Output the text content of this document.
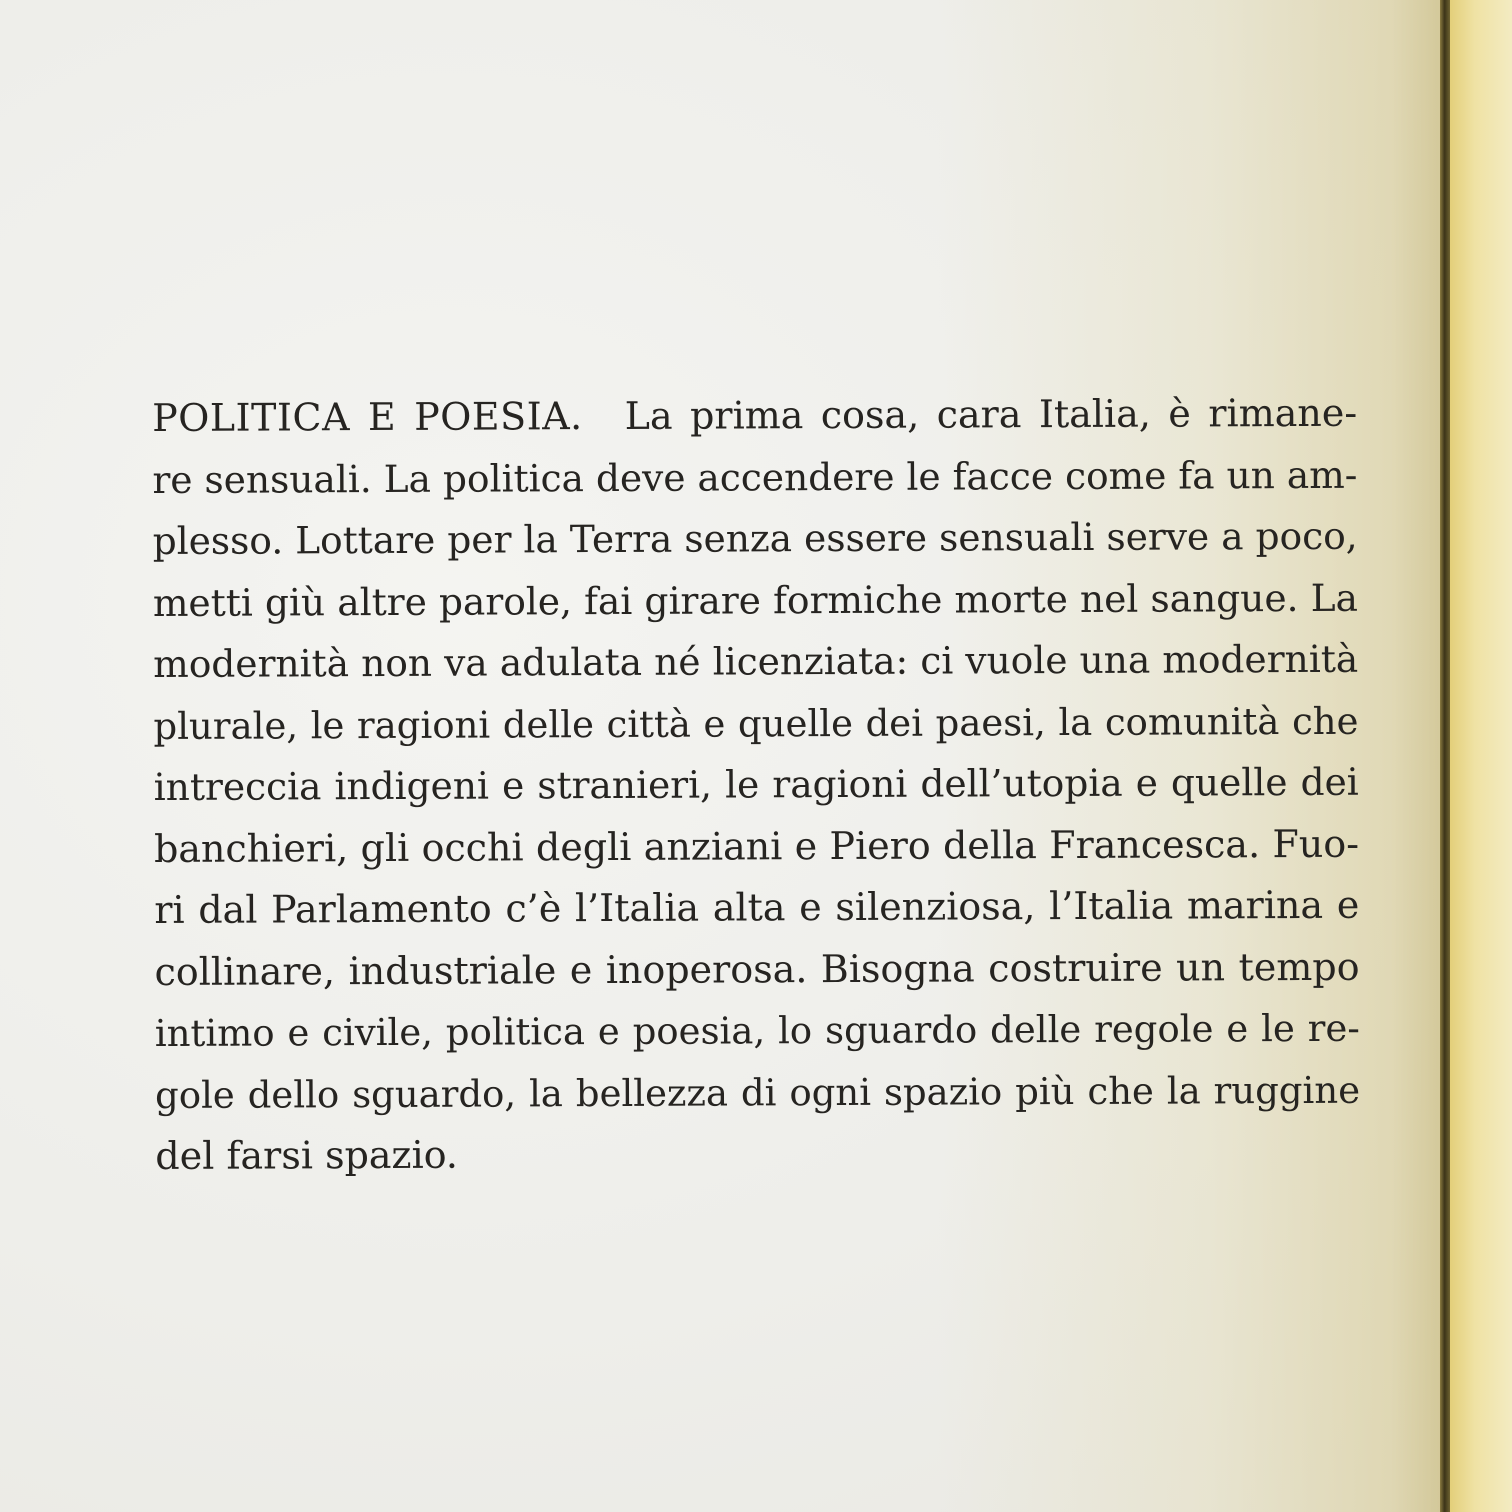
POLITICA E POESIA. La prima cosa, cara Italia, è rimane-
re sensuali. La politica deve accendere le facce come fa un am-
plesso. Lottare per la Terra senza essere sensuali serve a poco,
metti giù altre parole, fai girare formiche morte nel sangue. La
modernità non va adulata né licenziata: ci vuole una modernità
plurale, le ragioni delle città e quelle dei paesi, la comunità che
intreccia indigeni e stranieri, le ragioni dell’utopia e quelle dei
banchieri, gli occhi degli anziani e Piero della Francesca. Fuo-
ri dal Parlamento c’è l’Italia alta e silenziosa, l’Italia marina e
collinare, industriale e inoperosa. Bisogna costruire un tempo
intimo e civile, politica e poesia, lo sguardo delle regole e le re-
gole dello sguardo, la bellezza di ogni spazio più che la ruggine
del farsi spazio.
